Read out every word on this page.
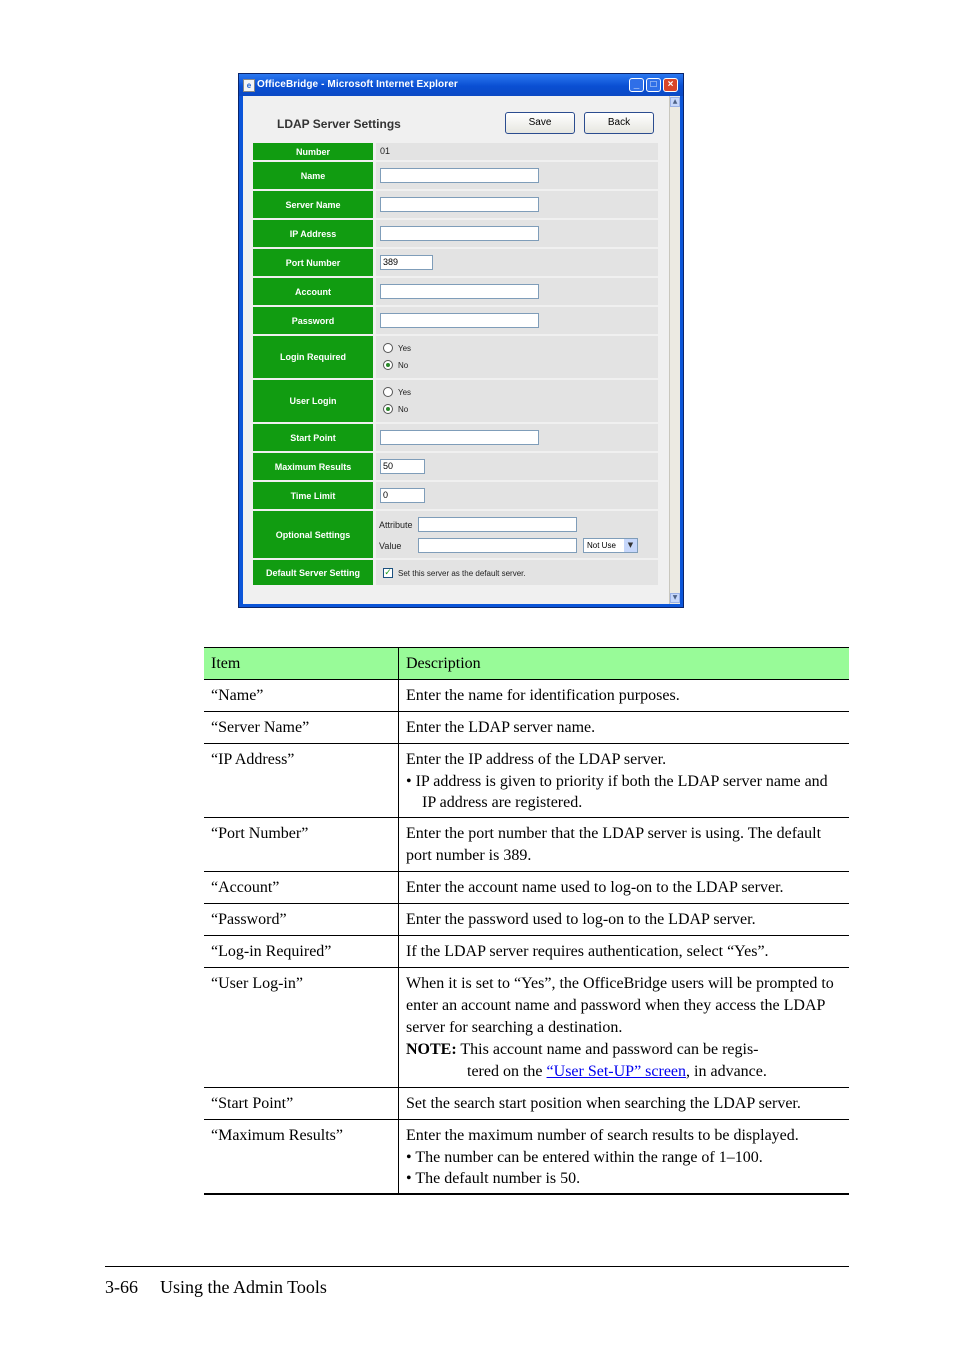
e OfficeBridge - Microsoft Internet Explorer	_	□	×
LDAP Server Settings	Save	Back
Number	01
Name
Server Name
IP Address
Port Number	389
Account
Password
Login Required
Yes
No
User Login
Yes
No
Start Point
Maximum Results	50
Time Limit	0
Optional Settings
Attribute
Value	Not Use	▼
Default Server Setting	✓ Set this server as the default server.
▲
▼
Item	Description
“Name”	Enter the name for identification purposes.
“Server Name”	Enter the LDAP server name.
“IP Address”	Enter the IP address of the LDAP server.
• IP address is given to priority if both the LDAP server name and IP address are registered.

“Port Number”	Enter the port number that the LDAP server is using. The default port number is 389.
“Account”	Enter the account name used to log-on to the LDAP server.
“Password”	Enter the password used to log-on to the LDAP server.
“Log-in Required”	If the LDAP server requires authentication, select “Yes”.
“User Log-in”	When it is set to “Yes”, the OfficeBridge users will be prompted to enter an account name and password when they access the LDAP server for searching a destination.
NOTE: This account name and password can be regis-
tered on the “User Set-UP” screen, in advance.

“Start Point”	Set the search start position when searching the LDAP server.
“Maximum Results”	Enter the maximum number of search results to be displayed.
• The number can be entered within the range of 1–100.
• The default number is 50.
3-66 Using the Admin Tools
